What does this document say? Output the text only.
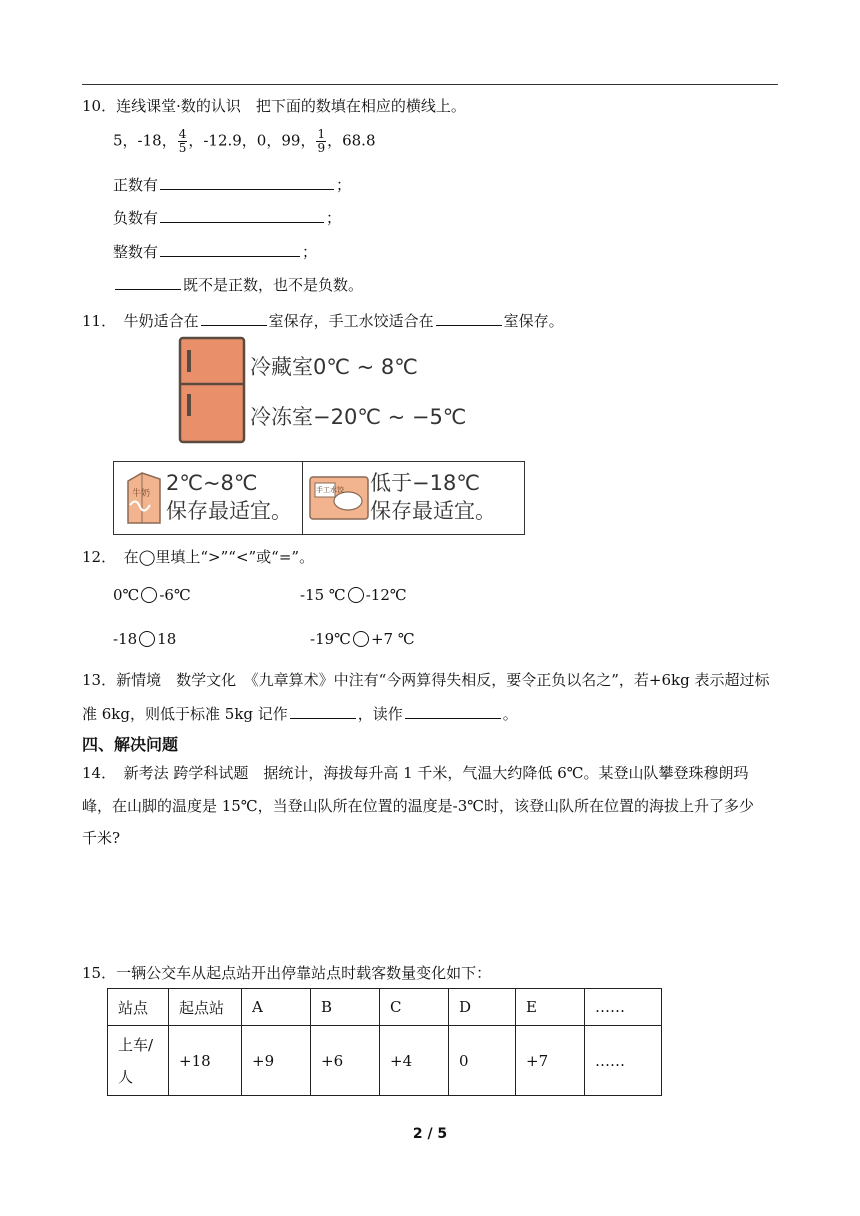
10．连线课堂·数的认识　把下面的数填在相应的横线上。
5，-18， $\frac{4}{5}$ ，-12.9，0，99， $\frac{1}{9}$ ，68.8
正数有	；
负数有	；
整数有	；
既不是正数，也不是负数。
11．　牛奶适合在	室保存，手工水饺适合在	室保存。
冷藏室0℃ ~ 8℃
冷冻室−20℃ ~ −5℃
牛奶 2℃~8℃
保存最适宜。
手工水饺 低于−18℃
保存最适宜。
12．　在◯里填上“>”“<”或“=”。
0℃ -6℃	-15 ℃ -12℃
-18 18	-19℃ +7 ℃
13．新情境　数学文化　《九章算术》中注有“今两算得失相反，要令正负以名之”，若+6kg 表示超过标
准 6kg，则低于标准 5kg 记作	，读作	。
四、解决问题
14．　新考法 跨学科试题　据统计，海拔每升高 1 千米，气温大约降低 6℃。某登山队攀登珠穆朗玛
峰，在山脚的温度是 15℃，当登山队所在位置的温度是-3℃时，该登山队所在位置的海拔上升了多少
千米?
15．一辆公交车从起点站开出停靠站点时载客数量变化如下：
站点	起点站	A	B	C	D	E	……
上车/
人	+18	+9	+6	+4	0	+7	……
2 / 5
